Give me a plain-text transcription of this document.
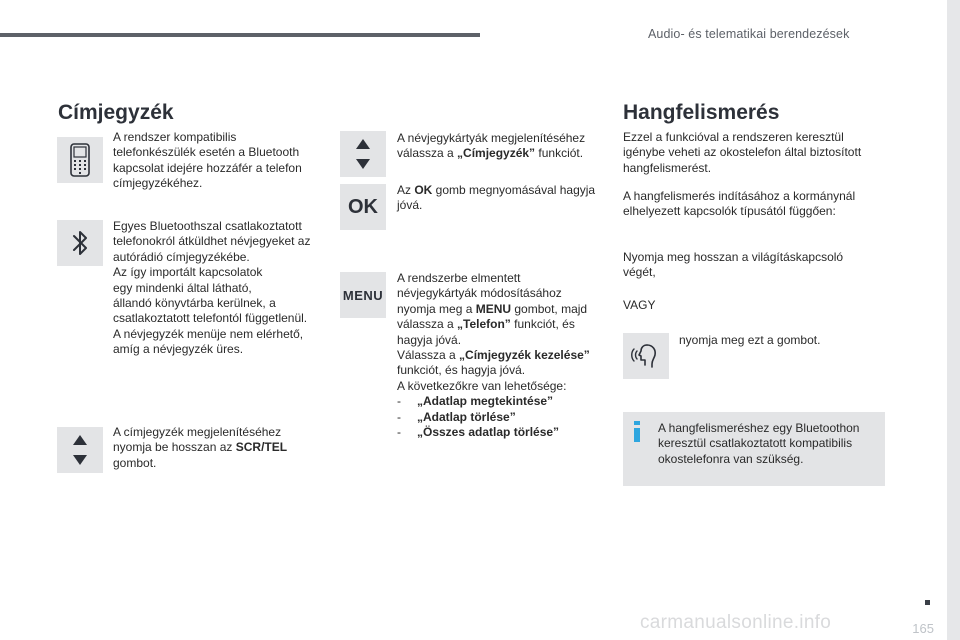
Audio- és telematikai berendezések
165
Címjegyzék
A rendszer kompatibilis telefonkészülék esetén a Bluetooth kapcsolat idejére hozzáfér a telefon címjegyzékéhez.
Egyes Bluetoothszal csatlakoztatott telefonokról átküldhet névjegyeket az autórádió címjegyzékébe.
Az így importált kapcsolatok
egy mindenki által látható,
állandó könyvtárba kerülnek, a csatlakoztatott telefontól függetlenül.
A névjegyzék menüje nem elérhető, amíg a névjegyzék üres.
A címjegyzék megjelenítéséhez nyomja be hosszan az SCR/TEL gombot.
A névjegykártyák megjelenítéséhez válassza a „Címjegyzék” funkciót.
OK
Az OK gomb megnyomásával hagyja jóvá.
MENU
A rendszerbe elmentett névjegykártyák módosításához nyomja meg a MENU gombot, majd válassza a „Telefon” funkciót, és hagyja jóvá.
Válassza a „Címjegyzék kezelése” funkciót, és hagyja jóvá.
A következőkre van lehetősége:
-	„Adatlap megtekintése”
-	„Adatlap törlése”
-	„Összes adatlap törlése”
Hangfelismerés
Ezzel a funkcióval a rendszeren keresztül igénybe veheti az okostelefon által biztosított hangfelismerést.
A hangfelismerés indításához a kormánynál elhelyezett kapcsolók típusától függően:
Nyomja meg hosszan a világításkapcsoló végét,
VAGY
nyomja meg ezt a gombot.
A hangfelismeréshez egy Bluetoothon keresztül csatlakoztatott kompatibilis okostelefonra van szükség.
carmanualsonline.info
